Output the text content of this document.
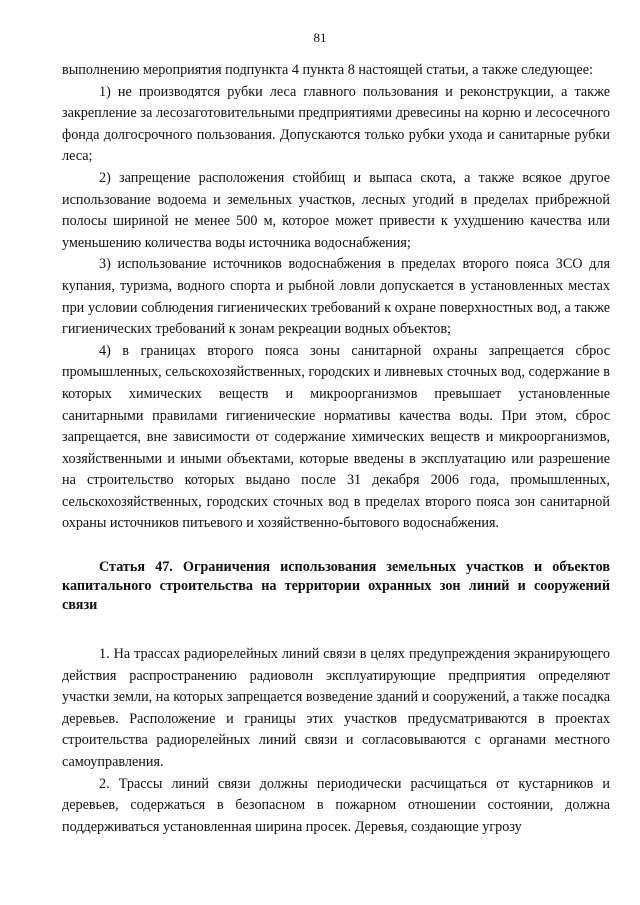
81

выполнению мероприятия подпункта 4 пункта 8 настоящей статьи, а также следующее:

1) не производятся рубки леса главного пользования и реконструкции, а также закрепление за лесозаготовительными предприятиями древесины на корню и лесосечного фонда долгосрочного пользования. Допускаются только рубки ухода и санитарные рубки леса;

2) запрещение расположения стойбищ и выпаса скота, а также всякое другое использование водоема и земельных участков, лесных угодий в пределах прибрежной полосы шириной не менее 500 м, которое может привести к ухудшению качества или уменьшению количества воды источника водоснабжения;

3) использование источников водоснабжения в пределах второго пояса ЗСО для купания, туризма, водного спорта и рыбной ловли допускается в установленных местах при условии соблюдения гигиенических требований к охране поверхностных вод, а также гигиенических требований к зонам рекреации водных объектов;

4) в границах второго пояса зоны санитарной охраны запрещается сброс промышленных, сельскохозяйственных, городских и ливневых сточных вод, содержание в которых химических веществ и микроорганизмов превышает установленные санитарными правилами гигиенические нормативы качества воды. При этом, сброс запрещается, вне зависимости от содержание химических веществ и микроорганизмов, хозяйственными и иными объектами, которые введены в эксплуатацию или разрешение на строительство которых выдано после 31 декабря 2006 года, промышленных, сельскохозяйственных, городских сточных вод в пределах второго пояса зон санитарной охраны источников питьевого и хозяйственно-бытового водоснабжения.

Статья 47. Ограничения использования земельных участков и объектов капитального строительства на территории охранных зон линий и сооружений связи

1. На трассах радиорелейных линий связи в целях предупреждения экранирующего действия распространению радиоволн эксплуатирующие предприятия определяют участки земли, на которых запрещается возведение зданий и сооружений, а также посадка деревьев. Расположение и границы этих участков предусматриваются в проектах строительства радиорелейных линий связи и согласовываются с органами местного самоуправления.

2. Трассы линий связи должны периодически расчищаться от кустарников и деревьев, содержаться в безопасном в пожарном отношении состоянии, должна поддерживаться установленная ширина просек. Деревья, создающие угрозу
